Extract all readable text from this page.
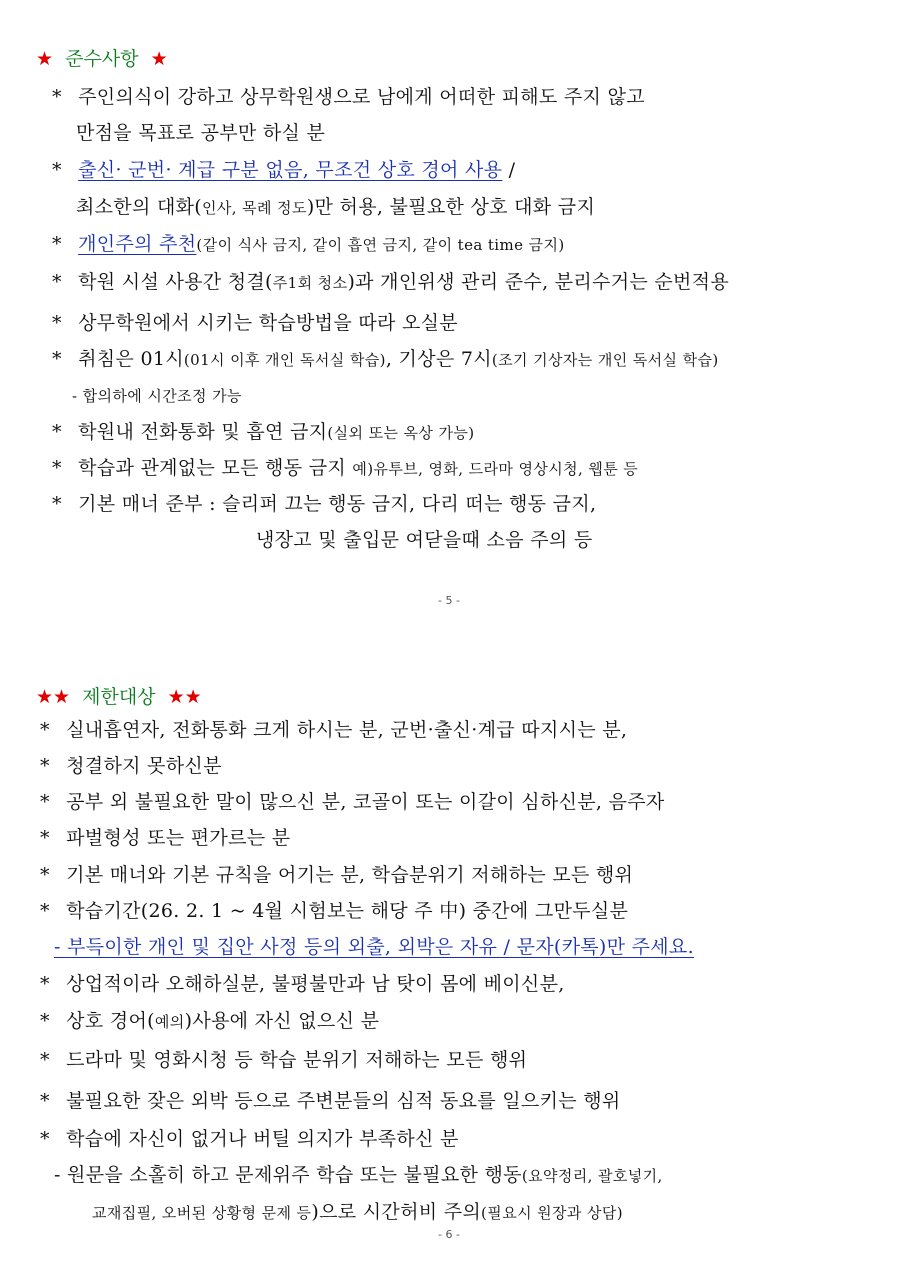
★ 준수사항 ★
* 주인의식이 강하고 상무학원생으로 남에게 어떠한 피해도 주지 않고
만점을 목표로 공부만 하실 분
* 출신· 군번· 계급 구분 없음, 무조건 상호 경어 사용 /
최소한의 대화(인사, 목례 정도)만 허용, 불필요한 상호 대화 금지
* 개인주의 추천(같이 식사 금지, 같이 흡연 금지, 같이 tea time 금지)
* 학원 시설 사용간 청결(주1회 청소)과 개인위생 관리 준수, 분리수거는 순번적용
* 상무학원에서 시키는 학습방법을 따라 오실분
* 취침은 01시(01시 이후 개인 독서실 학습), 기상은 7시(조기 기상자는 개인 독서실 학습)
- 합의하에 시간조정 가능
* 학원내 전화통화 및 흡연 금지(실외 또는 옥상 가능)
* 학습과 관계없는 모든 행동 금지 예)유투브, 영화, 드라마 영상시청, 웹툰 등
* 기본 매너 준부 : 슬리퍼 끄는 행동 금지, 다리 떠는 행동 금지,
냉장고 및 출입문 여닫을때 소음 주의 등
- 5 -
★★ 제한대상 ★★
* 실내흡연자, 전화통화 크게 하시는 분, 군번·출신·계급 따지시는 분,
* 청결하지 못하신분
* 공부 외 불필요한 말이 많으신 분, 코골이 또는 이갈이 심하신분, 음주자
* 파벌형성 또는 편가르는 분
* 기본 매너와 기본 규칙을 어기는 분, 학습분위기 저해하는 모든 행위
* 학습기간(26. 2. 1 ~ 4월 시험보는 해당 주 中) 중간에 그만두실분
- 부득이한 개인 및 집안 사정 등의 외출, 외박은 자유 / 문자(카톡)만 주세요.
* 상업적이라 오해하실분, 불평불만과 남 탓이 몸에 베이신분,
* 상호 경어(예의)사용에 자신 없으신 분
* 드라마 및 영화시청 등 학습 분위기 저해하는 모든 행위
* 불필요한 잦은 외박 등으로 주변분들의 심적 동요를 일으키는 행위
* 학습에 자신이 없거나 버틸 의지가 부족하신 분
- 원문을 소홀히 하고 문제위주 학습 또는 불필요한 행동(요약정리, 괄호넣기,
교재집필, 오버된 상황형 문제 등)으로 시간허비 주의(필요시 원장과 상담)
- 6 -
